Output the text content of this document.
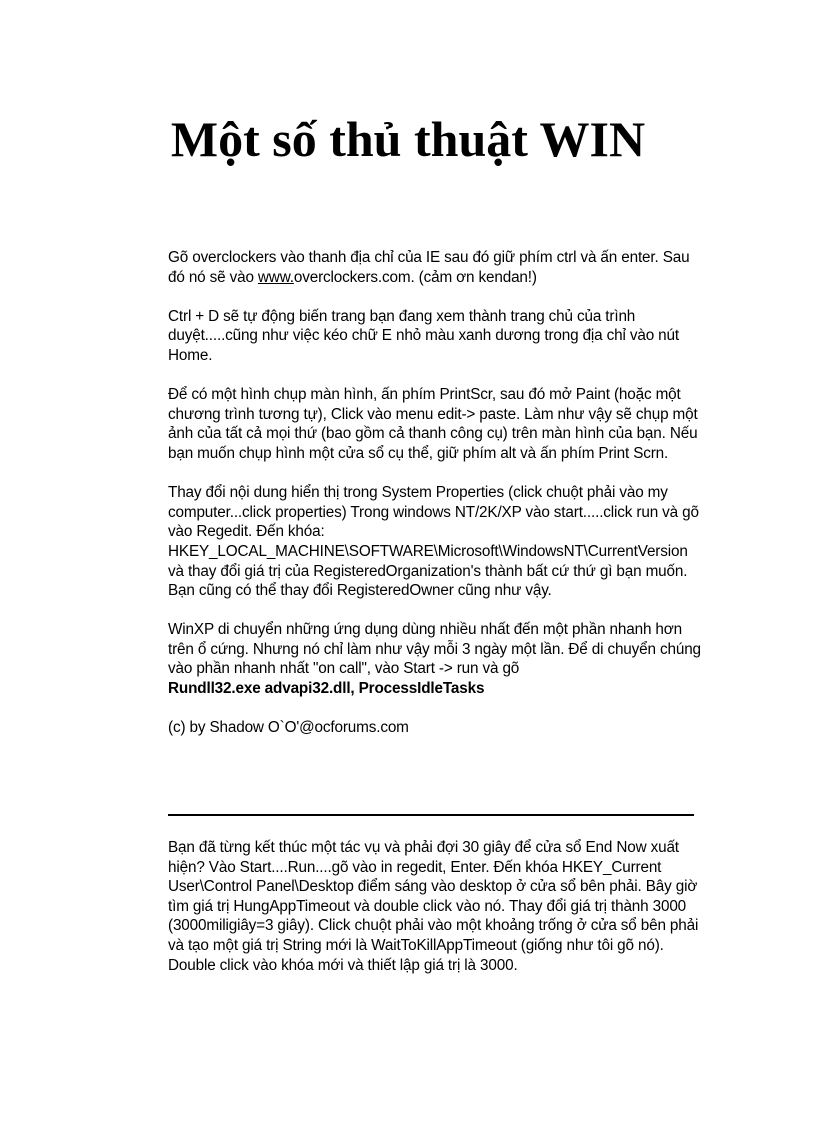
Một số thủ thuật WIN

Gõ overclockers vào thanh địa chỉ của IE sau đó giữ phím ctrl và ấn enter. Sau đó nó sẽ vào www.overclockers.com. (cảm ơn kendan!)

Ctrl + D sẽ tự động biến trang bạn đang xem thành trang chủ của trình duyệt.....cũng như việc kéo chữ E nhỏ màu xanh dương trong địa chỉ vào nút Home.

Để có một hình chụp màn hình, ấn phím PrintScr, sau đó mở Paint (hoặc một chương trình tương tự), Click vào menu edit-> paste. Làm như vậy sẽ chụp một ảnh của tất cả mọi thứ (bao gồm cả thanh công cụ) trên màn hình của bạn. Nếu bạn muốn chụp hình một cửa sổ cụ thể, giữ phím alt và ấn phím Print Scrn.

Thay đổi nội dung hiển thị trong System Properties (click chuột phải vào my computer...click properties) Trong windows NT/2K/XP vào start.....click run và gõ vào Regedit. Đến khóa: HKEY_LOCAL_MACHINE\SOFTWARE\Microsoft\WindowsNT\CurrentVersion và thay đổi giá trị của RegisteredOrganization's thành bất cứ thứ gì bạn muốn. Bạn cũng có thể thay đổi RegisteredOwner cũng như vậy.

WinXP di chuyển những ứng dụng dùng nhiều nhất đến một phần nhanh hơn trên ổ cứng. Nhưng nó chỉ làm như vậy mỗi 3 ngày một lần. Để di chuyển chúng vào phần nhanh nhất "on call", vào Start -> run và gõ
Rundll32.exe advapi32.dll, ProcessIdleTasks

(c) by Shadow O`O'@ocforums.com

Bạn đã từng kết thúc một tác vụ và phải đợi 30 giây để cửa sổ End Now xuất hiện? Vào Start....Run....gõ vào in regedit, Enter. Đến khóa HKEY_Current User\Control Panel\Desktop điểm sáng vào desktop ở cửa sổ bên phải. Bây giờ tìm giá trị HungAppTimeout và double click vào nó. Thay đổi giá trị thành 3000 (3000miligiây=3 giây). Click chuột phải vào một khoảng trống ở cửa sổ bên phải và tạo một giá trị String mới là WaitToKillAppTimeout (giống như tôi gõ nó). Double click vào khóa mới và thiết lập giá trị là 3000.
